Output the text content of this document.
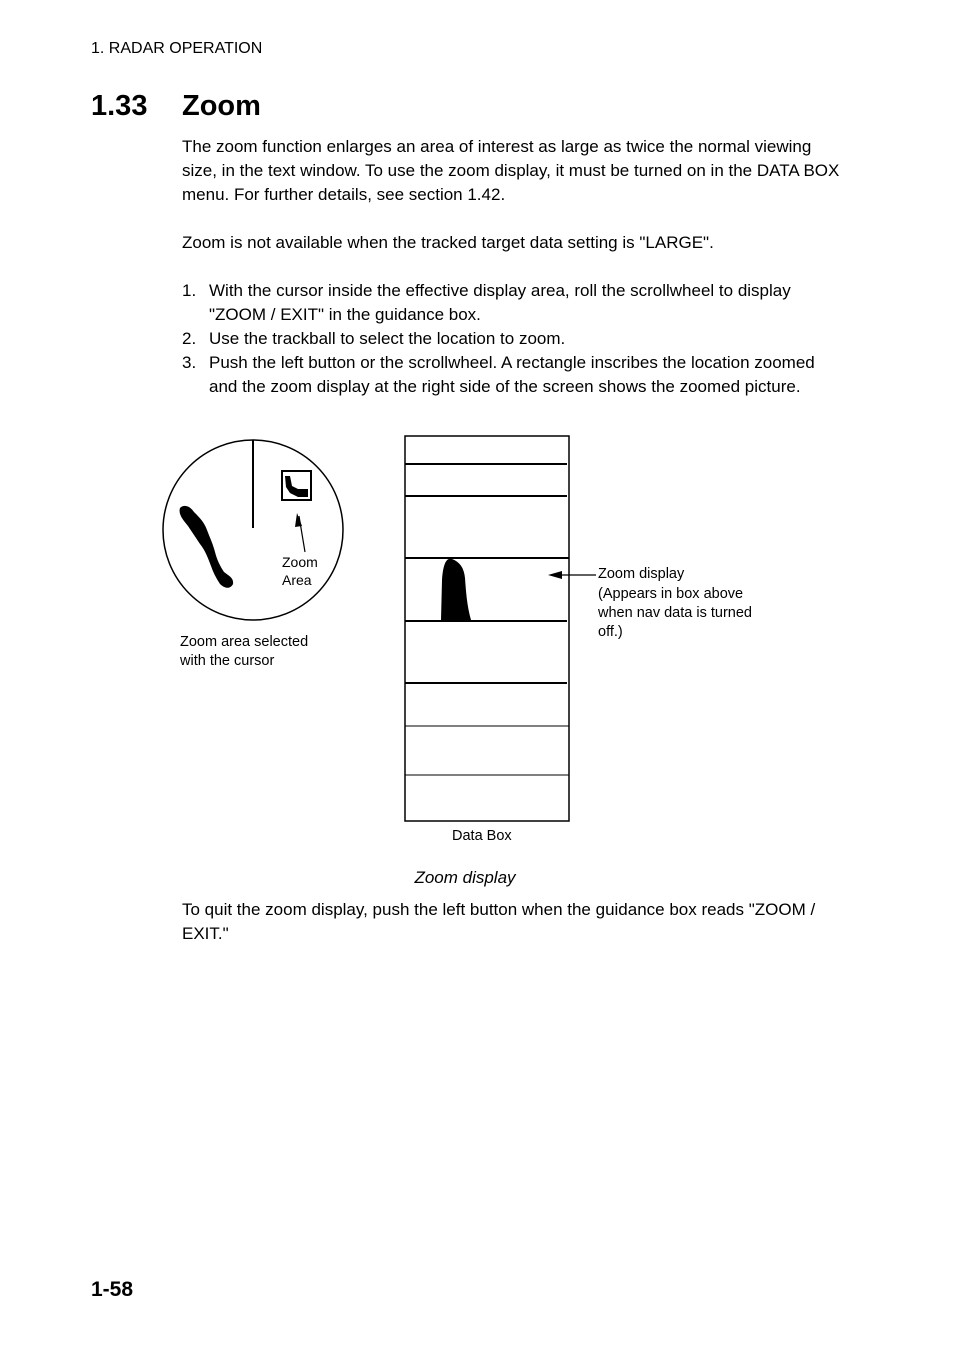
1. RADAR OPERATION
1.33 Zoom
The zoom function enlarges an area of interest as large as twice the normal viewing size, in the text window. To use the zoom display, it must be turned on in the DATA BOX menu. For further details, see section 1.42.
Zoom is not available when the tracked target data setting is "LARGE".
1. With the cursor inside the effective display area, roll the scrollwheel to display "ZOOM / EXIT" in the guidance box.
2. Use the trackball to select the location to zoom.
3. Push the left button or the scrollwheel. A rectangle inscribes the location zoomed and the zoom display at the right side of the screen shows the zoomed picture.
Zoom
Area
Zoom area selected
with the cursor
Zoom display
(Appears in box above
when nav data is turned
off.)
Data Box
Zoom display
To quit the zoom display, push the left button when the guidance box reads "ZOOM / EXIT."
1-58
